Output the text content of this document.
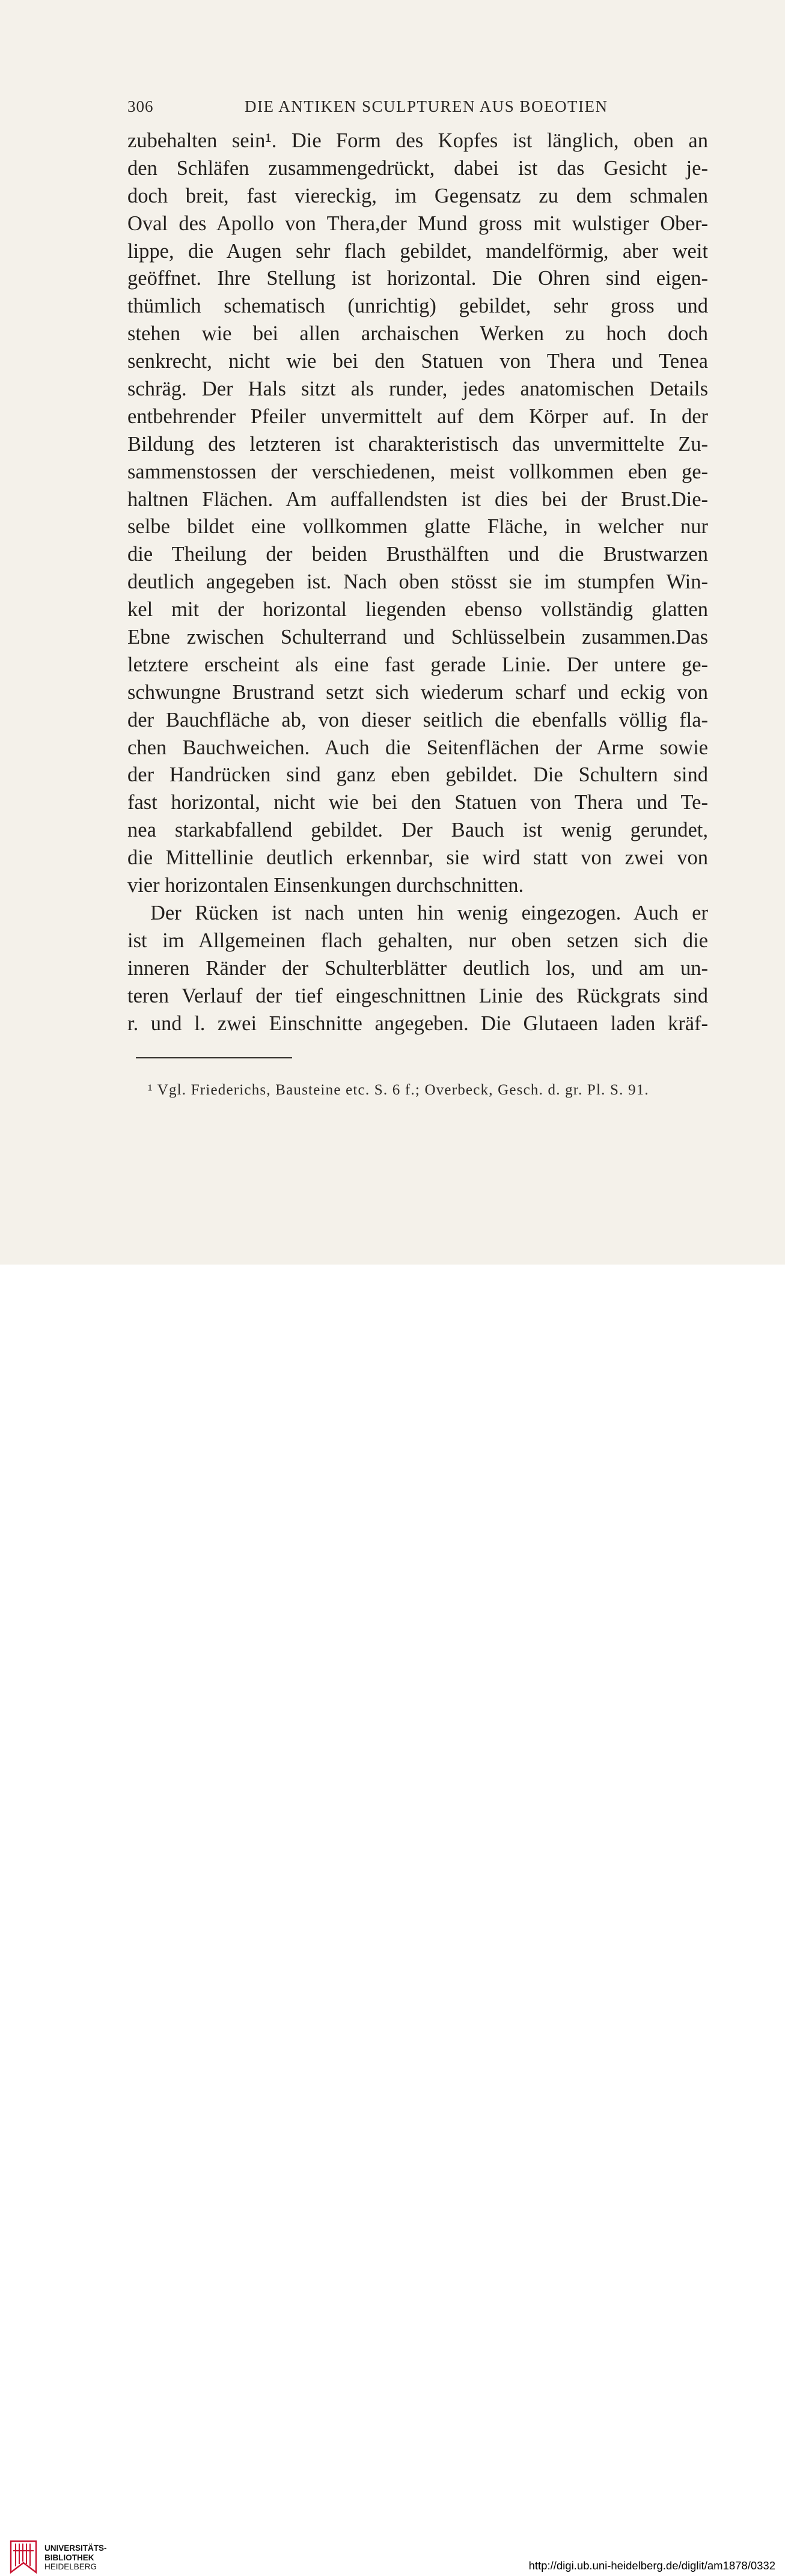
306	DIE ANTIKEN SCULPTUREN AUS BOEOTIEN
zubehalten sein¹. Die Form des Kopfes ist länglich, oben an
den Schläfen zusammengedrückt, dabei ist das Gesicht je-
doch breit, fast viereckig, im Gegensatz zu dem schmalen
Oval des Apollo von Thera,der Mund gross mit wulstiger Ober-
lippe, die Augen sehr flach gebildet, mandelförmig, aber weit
geöffnet. Ihre Stellung ist horizontal. Die Ohren sind eigen-
thümlich schematisch (unrichtig) gebildet, sehr gross und
stehen wie bei allen archaischen Werken zu hoch doch
senkrecht, nicht wie bei den Statuen von Thera und Tenea
schräg. Der Hals sitzt als runder, jedes anatomischen Details
entbehrender Pfeiler unvermittelt auf dem Körper auf. In der
Bildung des letzteren ist charakteristisch das unvermittelte Zu-
sammenstossen der verschiedenen, meist vollkommen eben ge-
haltnen Flächen. Am auffallendsten ist dies bei der Brust.Die-
selbe bildet eine vollkommen glatte Fläche, in welcher nur
die Theilung der beiden Brusthälften und die Brustwarzen
deutlich angegeben ist. Nach oben stösst sie im stumpfen Win-
kel mit der horizontal liegenden ebenso vollständig glatten
Ebne zwischen Schulterrand und Schlüsselbein zusammen.Das
letztere erscheint als eine fast gerade Linie. Der untere ge-
schwungne Brustrand setzt sich wiederum scharf und eckig von
der Bauchfläche ab, von dieser seitlich die ebenfalls völlig fla-
chen Bauchweichen. Auch die Seitenflächen der Arme sowie
der Handrücken sind ganz eben gebildet. Die Schultern sind
fast horizontal, nicht wie bei den Statuen von Thera und Te-
nea starkabfallend gebildet. Der Bauch ist wenig gerundet,
die Mittellinie deutlich erkennbar, sie wird statt von zwei von
vier horizontalen Einsenkungen durchschnitten.
Der Rücken ist nach unten hin wenig eingezogen. Auch er
ist im Allgemeinen flach gehalten, nur oben setzen sich die
inneren Ränder der Schulterblätter deutlich los, und am un-
teren Verlauf der tief eingeschnittnen Linie des Rückgrats sind
r. und l. zwei Einschnitte angegeben. Die Glutaeen laden kräf-
¹ Vgl. Friederichs, Bausteine etc. S. 6 f.; Overbeck, Gesch. d. gr. Pl. S. 91.
UNIVERSITÄTS-
BIBLIOTHEK
HEIDELBERG	http://digi.ub.uni-heidelberg.de/diglit/am1878/0332
